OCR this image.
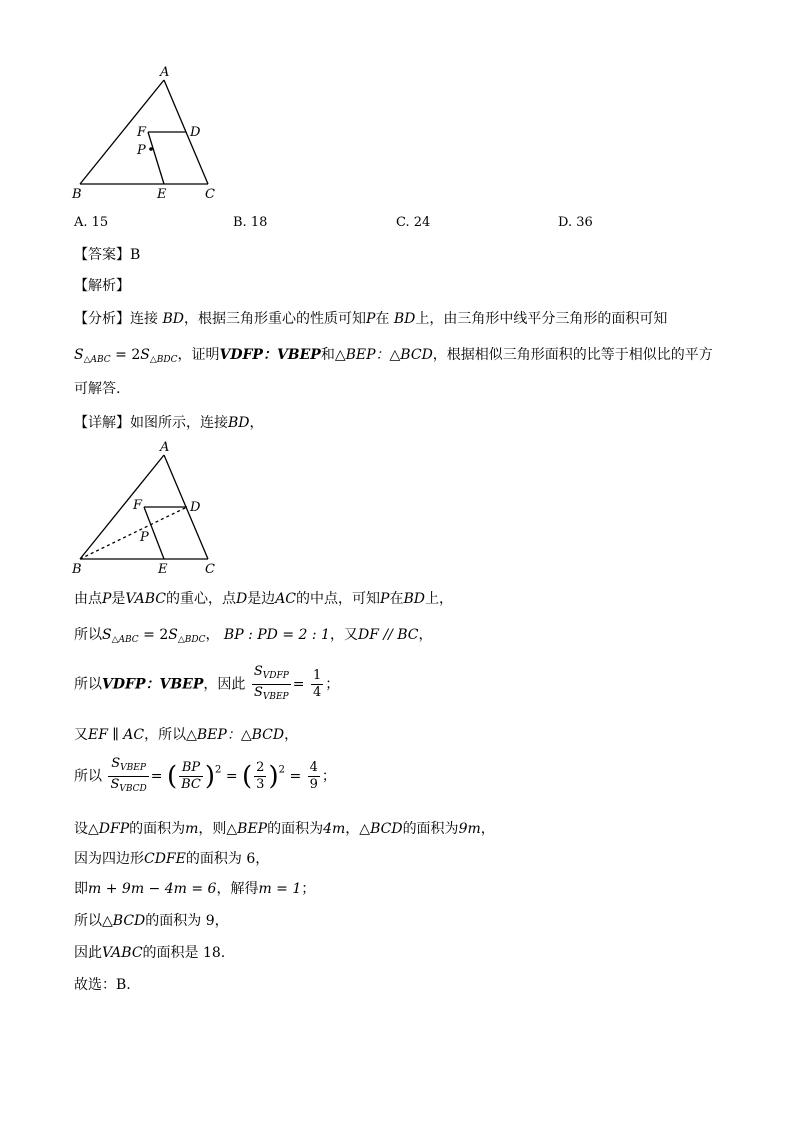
A
B	C
D
E
F
P
A. 15	B. 18	C. 24	D. 36
【答案】B
【解析】
【分析】连接 BD，根据三角形重心的性质可知P在 BD上，由三角形中线平分三角形的面积可知
$S_{\triangle ABC} = 2S_{\triangle BDC}$，证明VDFP：VBEP和△BEP：△BCD，根据相似三角形面积的比等于相似比的平方
可解答.
【详解】如图所示，连接BD，
A
B	C
D
E
F
P
由点P是VABC的重心，点D是边AC的中点，可知P在BD上，
所以$S_{\triangle ABC} = 2S_{\triangle BDC}$， BP : PD = 2 : 1，又DF // BC，
所以VDFP：VBEP，因此 $\frac{S_{VDFP}}{S_{VBEP}} = \frac{1}{4}$ ；
又EF ∥ AC，所以△BEP：△BCD，
所以 $\frac{S_{VBEP}}{S_{VBCD}}$ = ( $\frac{BP}{BC} )^2$ = ( $\frac{2}{3} )^2 = \frac{4}{9}$ ；
设△DFP的面积为m，则△BEP的面积为4m，△BCD的面积为9m，
因为四边形CDFE的面积为 6，
即m + 9m − 4m = 6，解得m = 1；
所以△BCD的面积为 9，
因此VABC的面积是 18.
故选：B.
